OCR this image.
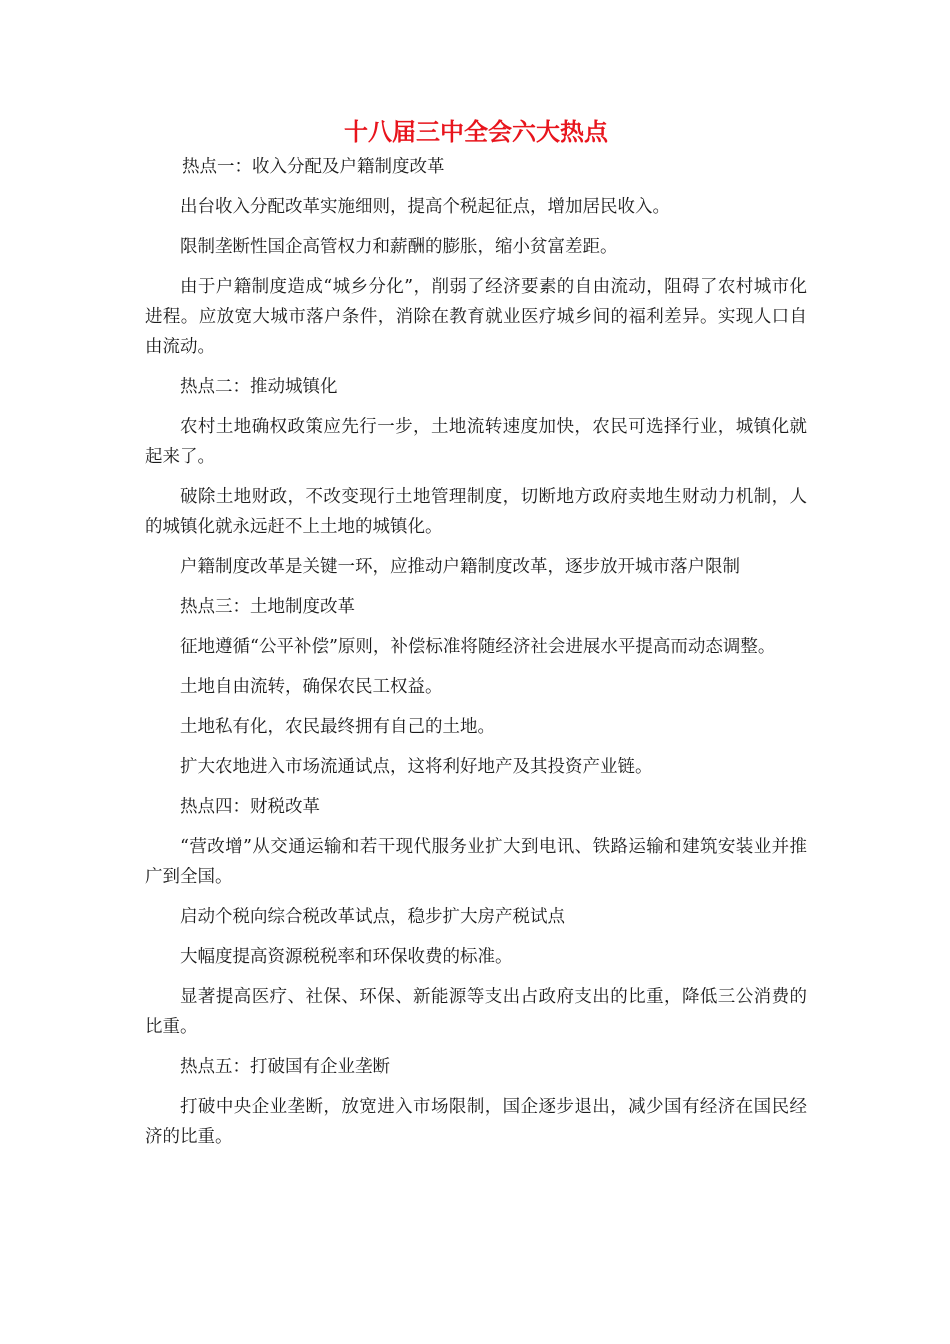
十八届三中全会六大热点

热点一：收入分配及户籍制度改革

出台收入分配改革实施细则，提高个税起征点，增加居民收入。

限制垄断性国企高管权力和薪酬的膨胀，缩小贫富差距。

由于户籍制度造成“城乡分化”，削弱了经济要素的自由流动，阻碍了农村城市化进程。应放宽大城市落户条件，消除在教育就业医疗城乡间的福利差异。实现人口自由流动。

热点二：推动城镇化

农村土地确权政策应先行一步，土地流转速度加快，农民可选择行业，城镇化就起来了。

破除土地财政，不改变现行土地管理制度，切断地方政府卖地生财动力机制，人的城镇化就永远赶不上土地的城镇化。

户籍制度改革是关键一环，应推动户籍制度改革，逐步放开城市落户限制

热点三：土地制度改革

征地遵循“公平补偿”原则，补偿标准将随经济社会进展水平提高而动态调整。

土地自由流转，确保农民工权益。

土地私有化，农民最终拥有自己的土地。

扩大农地进入市场流通试点，这将利好地产及其投资产业链。

热点四：财税改革

“营改增”从交通运输和若干现代服务业扩大到电讯、铁路运输和建筑安装业并推广到全国。

启动个税向综合税改革试点，稳步扩大房产税试点

大幅度提高资源税税率和环保收费的标准。

显著提高医疗、社保、环保、新能源等支出占政府支出的比重，降低三公消费的比重。

热点五：打破国有企业垄断

打破中央企业垄断，放宽进入市场限制，国企逐步退出，减少国有经济在国民经济的比重。
